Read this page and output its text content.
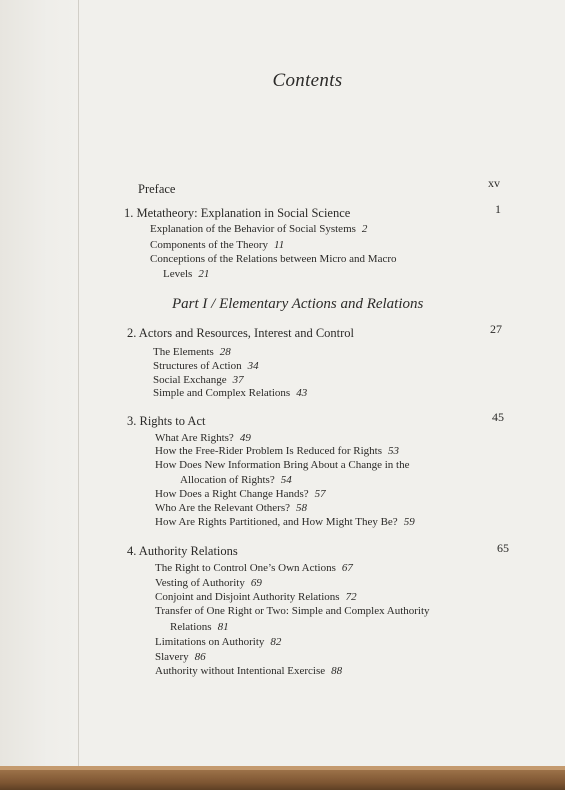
Contents
Preface	xv
1. Metatheory: Explanation in Social Science	1
Explanation of the Behavior of Social Systems 2
Components of the Theory 11
Conceptions of the Relations between Micro and Macro
Levels 21
Part I / Elementary Actions and Relations
2. Actors and Resources, Interest and Control	27
The Elements 28
Structures of Action 34
Social Exchange 37
Simple and Complex Relations 43
3. Rights to Act	45
What Are Rights? 49
How the Free-Rider Problem Is Reduced for Rights 53
How Does New Information Bring About a Change in the
Allocation of Rights? 54
How Does a Right Change Hands? 57
Who Are the Relevant Others? 58
How Are Rights Partitioned, and How Might They Be? 59
4. Authority Relations	65
The Right to Control One’s Own Actions 67
Vesting of Authority 69
Conjoint and Disjoint Authority Relations 72
Transfer of One Right or Two: Simple and Complex Authority
Relations 81
Limitations on Authority 82
Slavery 86
Authority without Intentional Exercise 88
